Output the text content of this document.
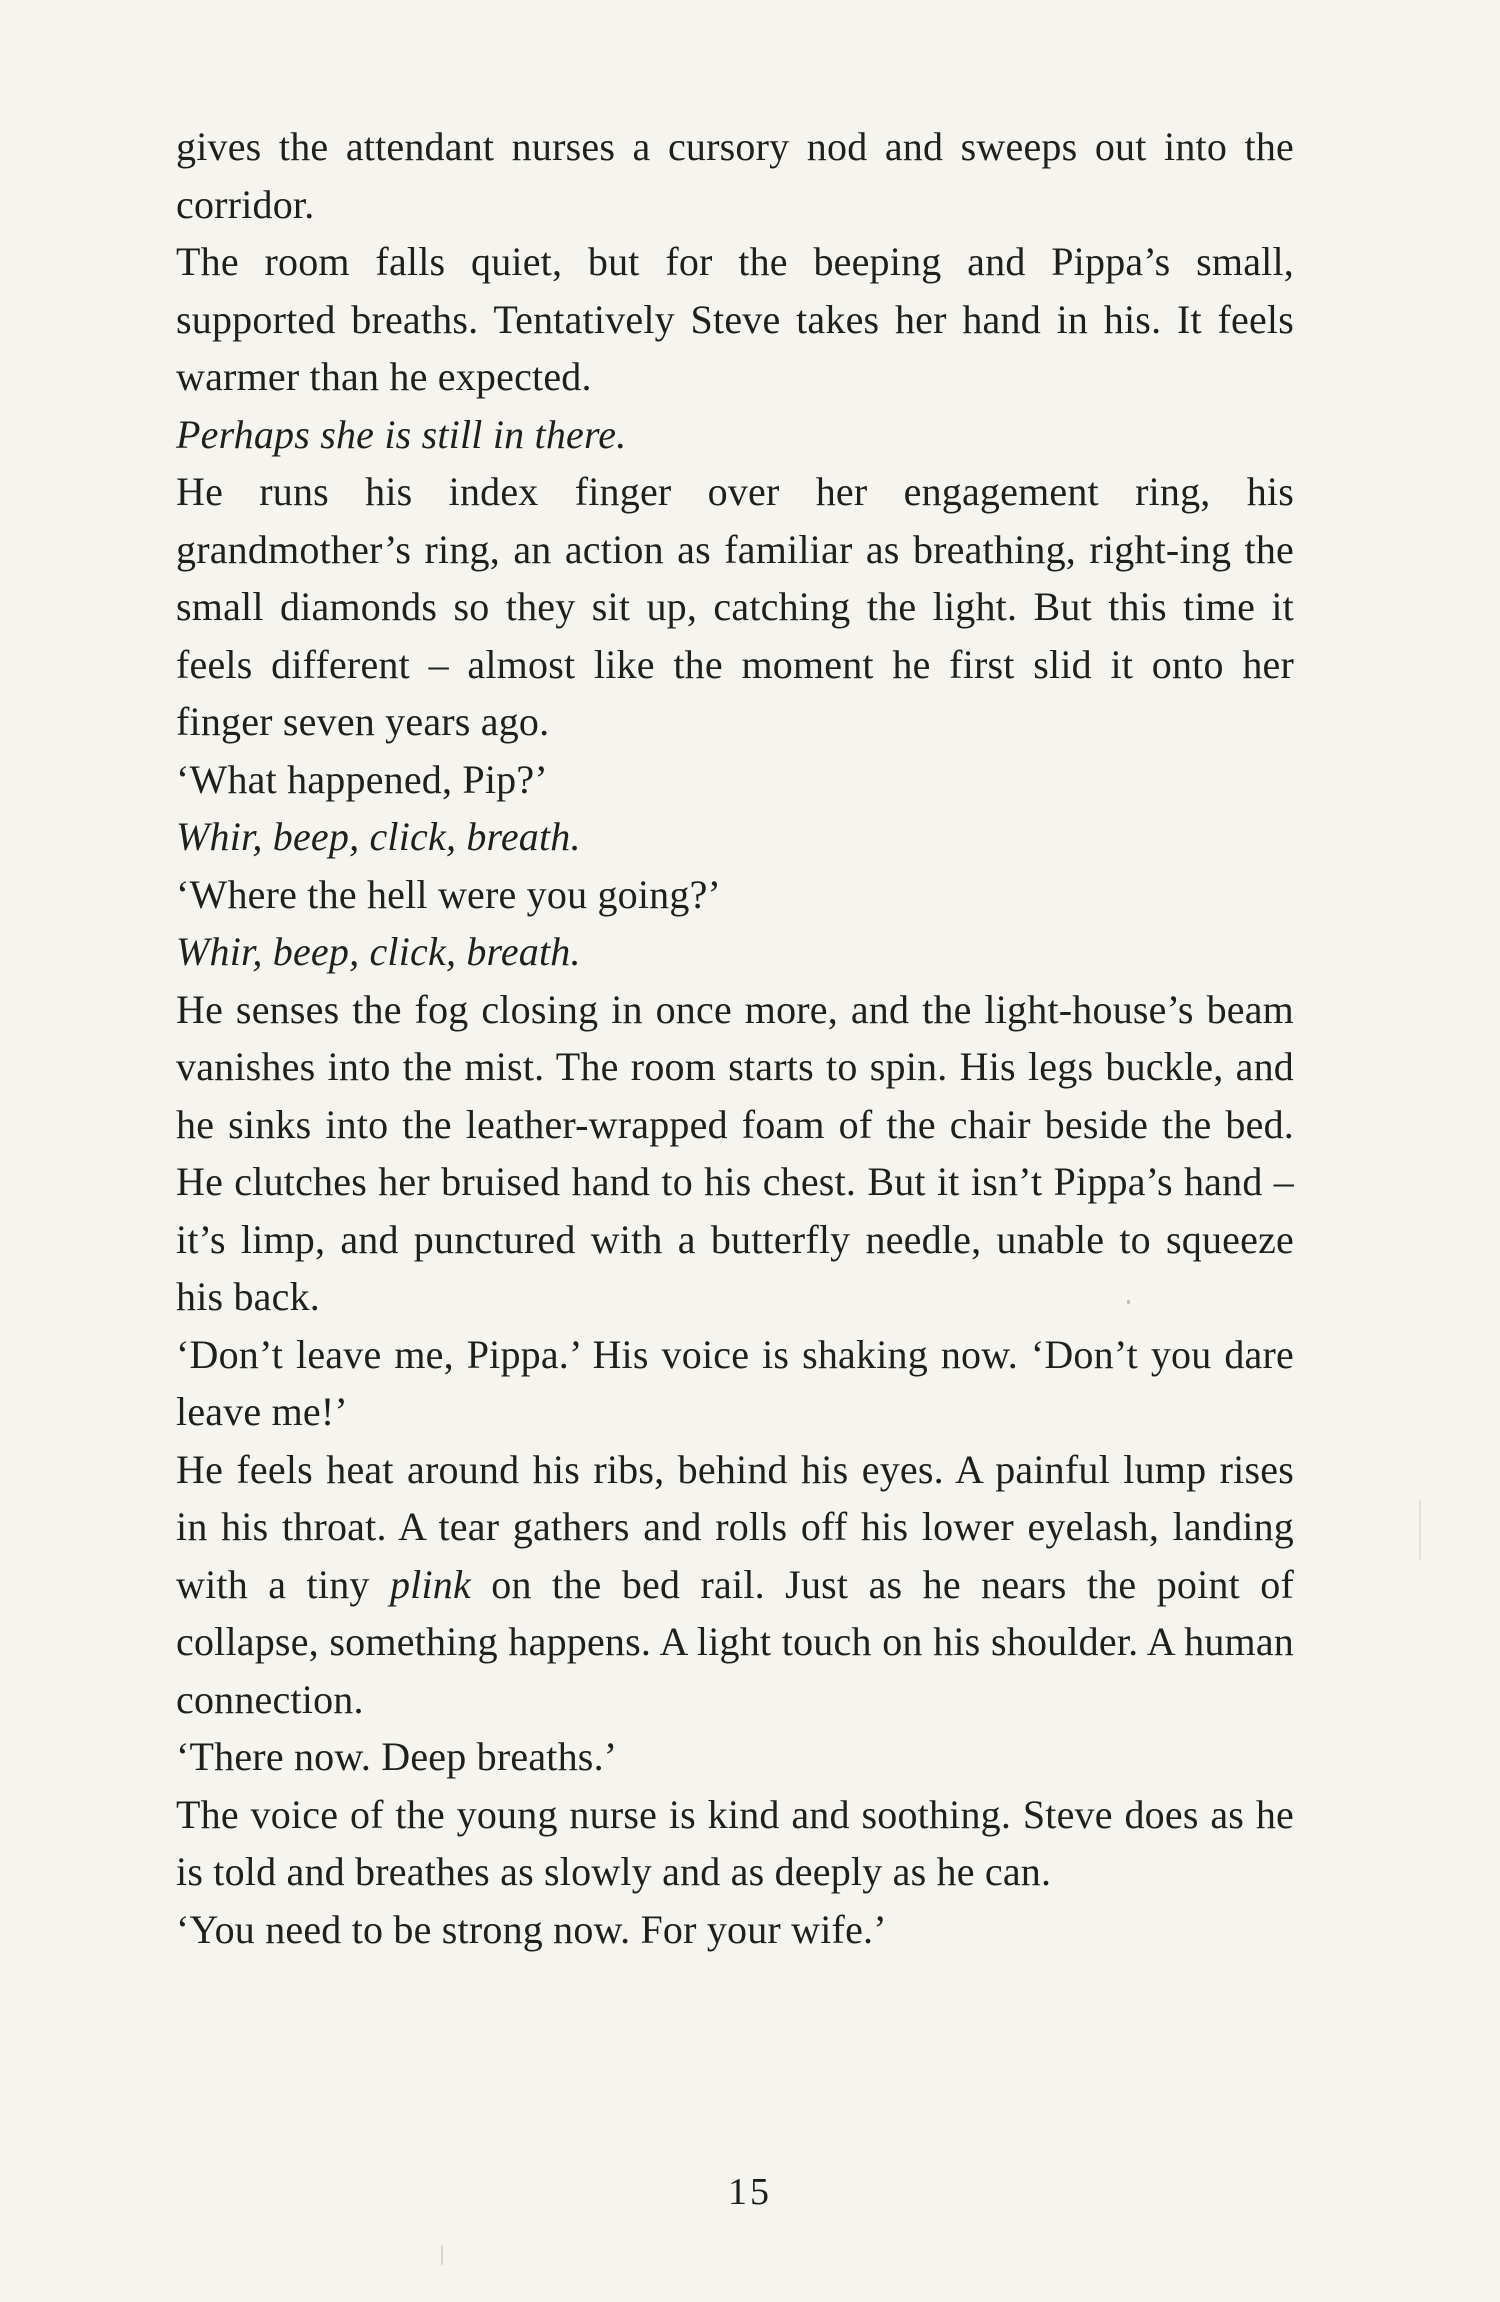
gives the attendant nurses a cursory nod and sweeps out into the corridor.

The room falls quiet, but for the beeping and Pippa’s small, supported breaths. Tentatively Steve takes her hand in his. It feels warmer than he expected.

Perhaps she is still in there.

He runs his index finger over her engagement ring, his grandmother’s ring, an action as familiar as breathing, right-ing the small diamonds so they sit up, catching the light. But this time it feels different – almost like the moment he first slid it onto her finger seven years ago.

‘What happened, Pip?’

Whir, beep, click, breath.

‘Where the hell were you going?’

Whir, beep, click, breath.

He senses the fog closing in once more, and the light-house’s beam vanishes into the mist. The room starts to spin. His legs buckle, and he sinks into the leather-wrapped foam of the chair beside the bed. He clutches her bruised hand to his chest. But it isn’t Pippa’s hand – it’s limp, and punctured with a butterfly needle, unable to squeeze his back.

‘Don’t leave me, Pippa.’ His voice is shaking now. ‘Don’t you dare leave me!’

He feels heat around his ribs, behind his eyes. A painful lump rises in his throat. A tear gathers and rolls off his lower eyelash, landing with a tiny plink on the bed rail. Just as he nears the point of collapse, something happens. A light touch on his shoulder. A human connection.

‘There now. Deep breaths.’

The voice of the young nurse is kind and soothing. Steve does as he is told and breathes as slowly and as deeply as he can.

‘You need to be strong now. For your wife.’

15
